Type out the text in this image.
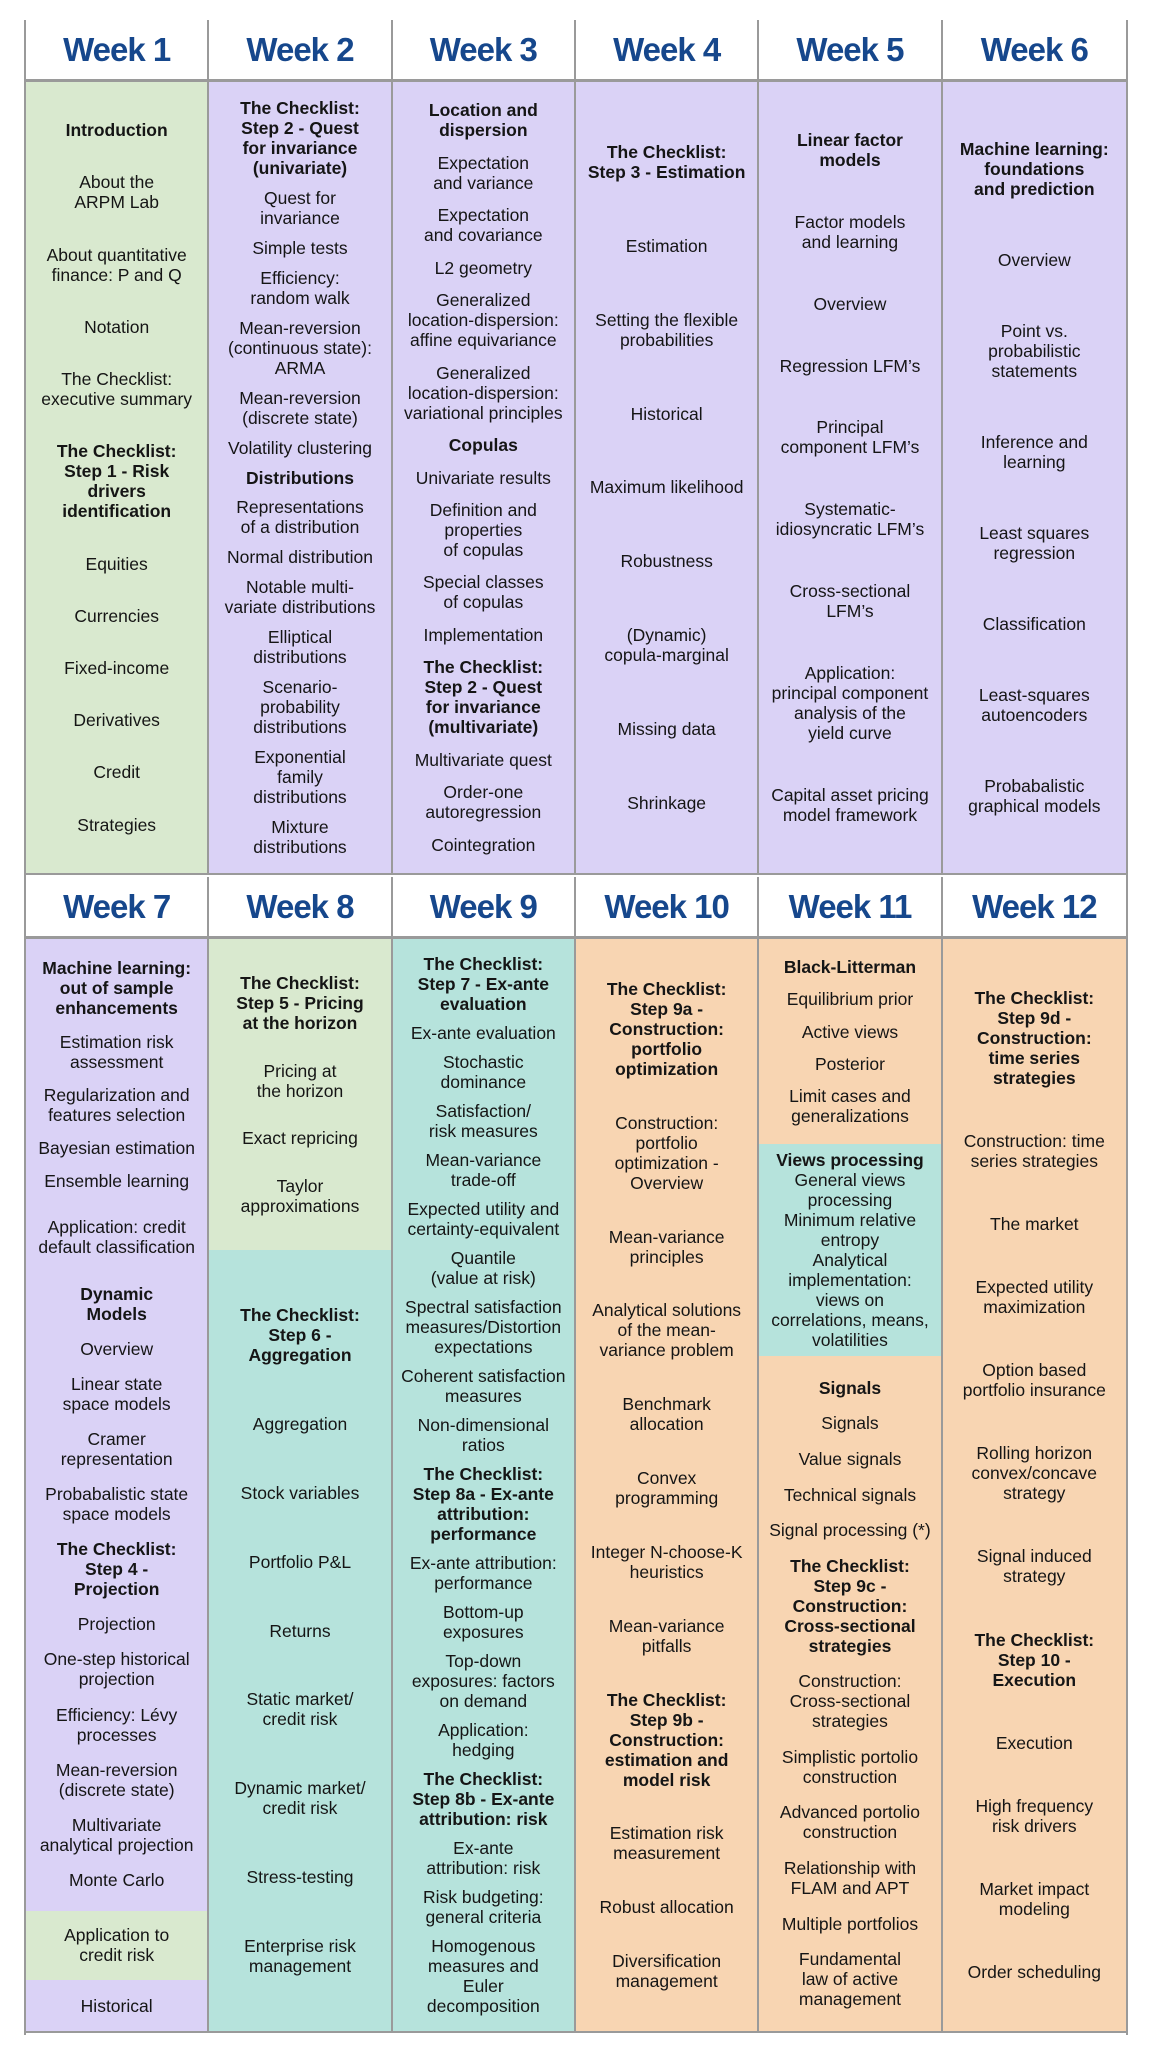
Week 1
Introduction
About the
ARPM Lab
About quantitative
finance: P and Q
Notation
The Checklist:
executive summary
The Checklist:
Step 1 - Risk drivers
identification
Equities
Currencies
Fixed-income
Derivatives
Credit
Strategies
Week 2
The Checklist:
Step 2 - Quest
for invariance
(univariate)
Quest for
invariance
Simple tests
Efficiency:
random walk
Mean-reversion
(continuous state):
ARMA
Mean-reversion
(discrete state)
Volatility clustering
Distributions
Representations
of a distribution
Normal distribution
Notable multi-
variate distributions
Elliptical
distributions
Scenario-
probability
distributions
Exponential
family
distributions
Mixture
distributions
Week 3
Location and
dispersion
Expectation
and variance
Expectation
and covariance
L2 geometry
Generalized
location-dispersion:
affine equivariance
Generalized
location-dispersion:
variational principles
Copulas
Univariate results
Definition and
properties
of copulas
Special classes
of copulas
Implementation
The Checklist:
Step 2 - Quest
for invariance
(multivariate)
Multivariate quest
Order-one
autoregression
Cointegration
Week 4
The Checklist:
Step 3 - Estimation
Estimation
Setting the flexible
probabilities
Historical
Maximum likelihood
Robustness
(Dynamic)
copula-marginal
Missing data
Shrinkage
Week 5
Linear factor
models
Factor models
and learning
Overview
Regression LFM’s
Principal
component LFM’s
Systematic-
idiosyncratic LFM’s
Cross-sectional
LFM’s
Application:
principal component
analysis of the
yield curve
Capital asset pricing
model framework
Week 6
Machine learning:
foundations
and prediction
Overview
Point vs.
probabilistic
statements
Inference and
learning
Least squares
regression
Classification
Least-squares
autoencoders
Probabalistic
graphical models
Week 7
Machine learning:
out of sample
enhancements
Estimation risk
assessment
Regularization and
features selection
Bayesian estimation
Ensemble learning
Application: credit
default classification
Dynamic
Models
Overview
Linear state
space models
Cramer
representation
Probabalistic state
space models
The Checklist:
Step 4 -
Projection
Projection
One-step historical
projection
Efficiency: Lévy
processes
Mean-reversion
(discrete state)
Multivariate
analytical projection
Monte Carlo
Application to
credit risk
Historical
Week 8
The Checklist:
Step 5 - Pricing
at the horizon
Pricing at
the horizon
Exact repricing
Taylor
approximations
The Checklist:
Step 6 -
Aggregation
Aggregation
Stock variables
Portfolio P&L
Returns
Static market/
credit risk
Dynamic market/
credit risk
Stress-testing
Enterprise risk
management
Week 9
The Checklist:
Step 7 - Ex-ante
evaluation
Ex-ante evaluation
Stochastic
dominance
Satisfaction/
risk measures
Mean-variance
trade-off
Expected utility and
certainty-equivalent
Quantile
(value at risk)
Spectral satisfaction
measures/Distortion
expectations
Coherent satisfaction
measures
Non-dimensional
ratios
The Checklist:
Step 8a - Ex-ante
attribution:
performance
Ex-ante attribution:
performance
Bottom-up
exposures
Top-down
exposures: factors
on demand
Application:
hedging
The Checklist:
Step 8b - Ex-ante
attribution: risk
Ex-ante
attribution: risk
Risk budgeting:
general criteria
Homogenous
measures and
Euler
decomposition
Week 10
The Checklist:
Step 9a -
Construction:
portfolio
optimization
Construction:
portfolio
optimization -
Overview
Mean-variance
principles
Analytical solutions
of the mean-
variance problem
Benchmark
allocation
Convex
programming
Integer N-choose-K
heuristics
Mean-variance
pitfalls
The Checklist:
Step 9b -
Construction:
estimation and
model risk
Estimation risk
measurement
Robust allocation
Diversification
management
Week 11
Black-Litterman
Equilibrium prior
Active views
Posterior
Limit cases and
generalizations
Views processing
General views
processing
Minimum relative
entropy
Analytical
implementation:
views on
correlations, means,
volatilities
Signals
Signals
Value signals
Technical signals
Signal processing (*)
The Checklist:
Step 9c -
Construction:
Cross-sectional
strategies
Construction:
Cross-sectional
strategies
Simplistic portolio
construction
Advanced portolio
construction
Relationship with
FLAM and APT
Multiple portfolios
Fundamental
law of active
management
Week 12
The Checklist:
Step 9d -
Construction:
time series
strategies
Construction: time
series strategies
The market
Expected utility
maximization
Option based
portfolio insurance
Rolling horizon
convex/concave
strategy
Signal induced
strategy
The Checklist:
Step 10 -
Execution
Execution
High frequency
risk drivers
Market impact
modeling
Order scheduling
